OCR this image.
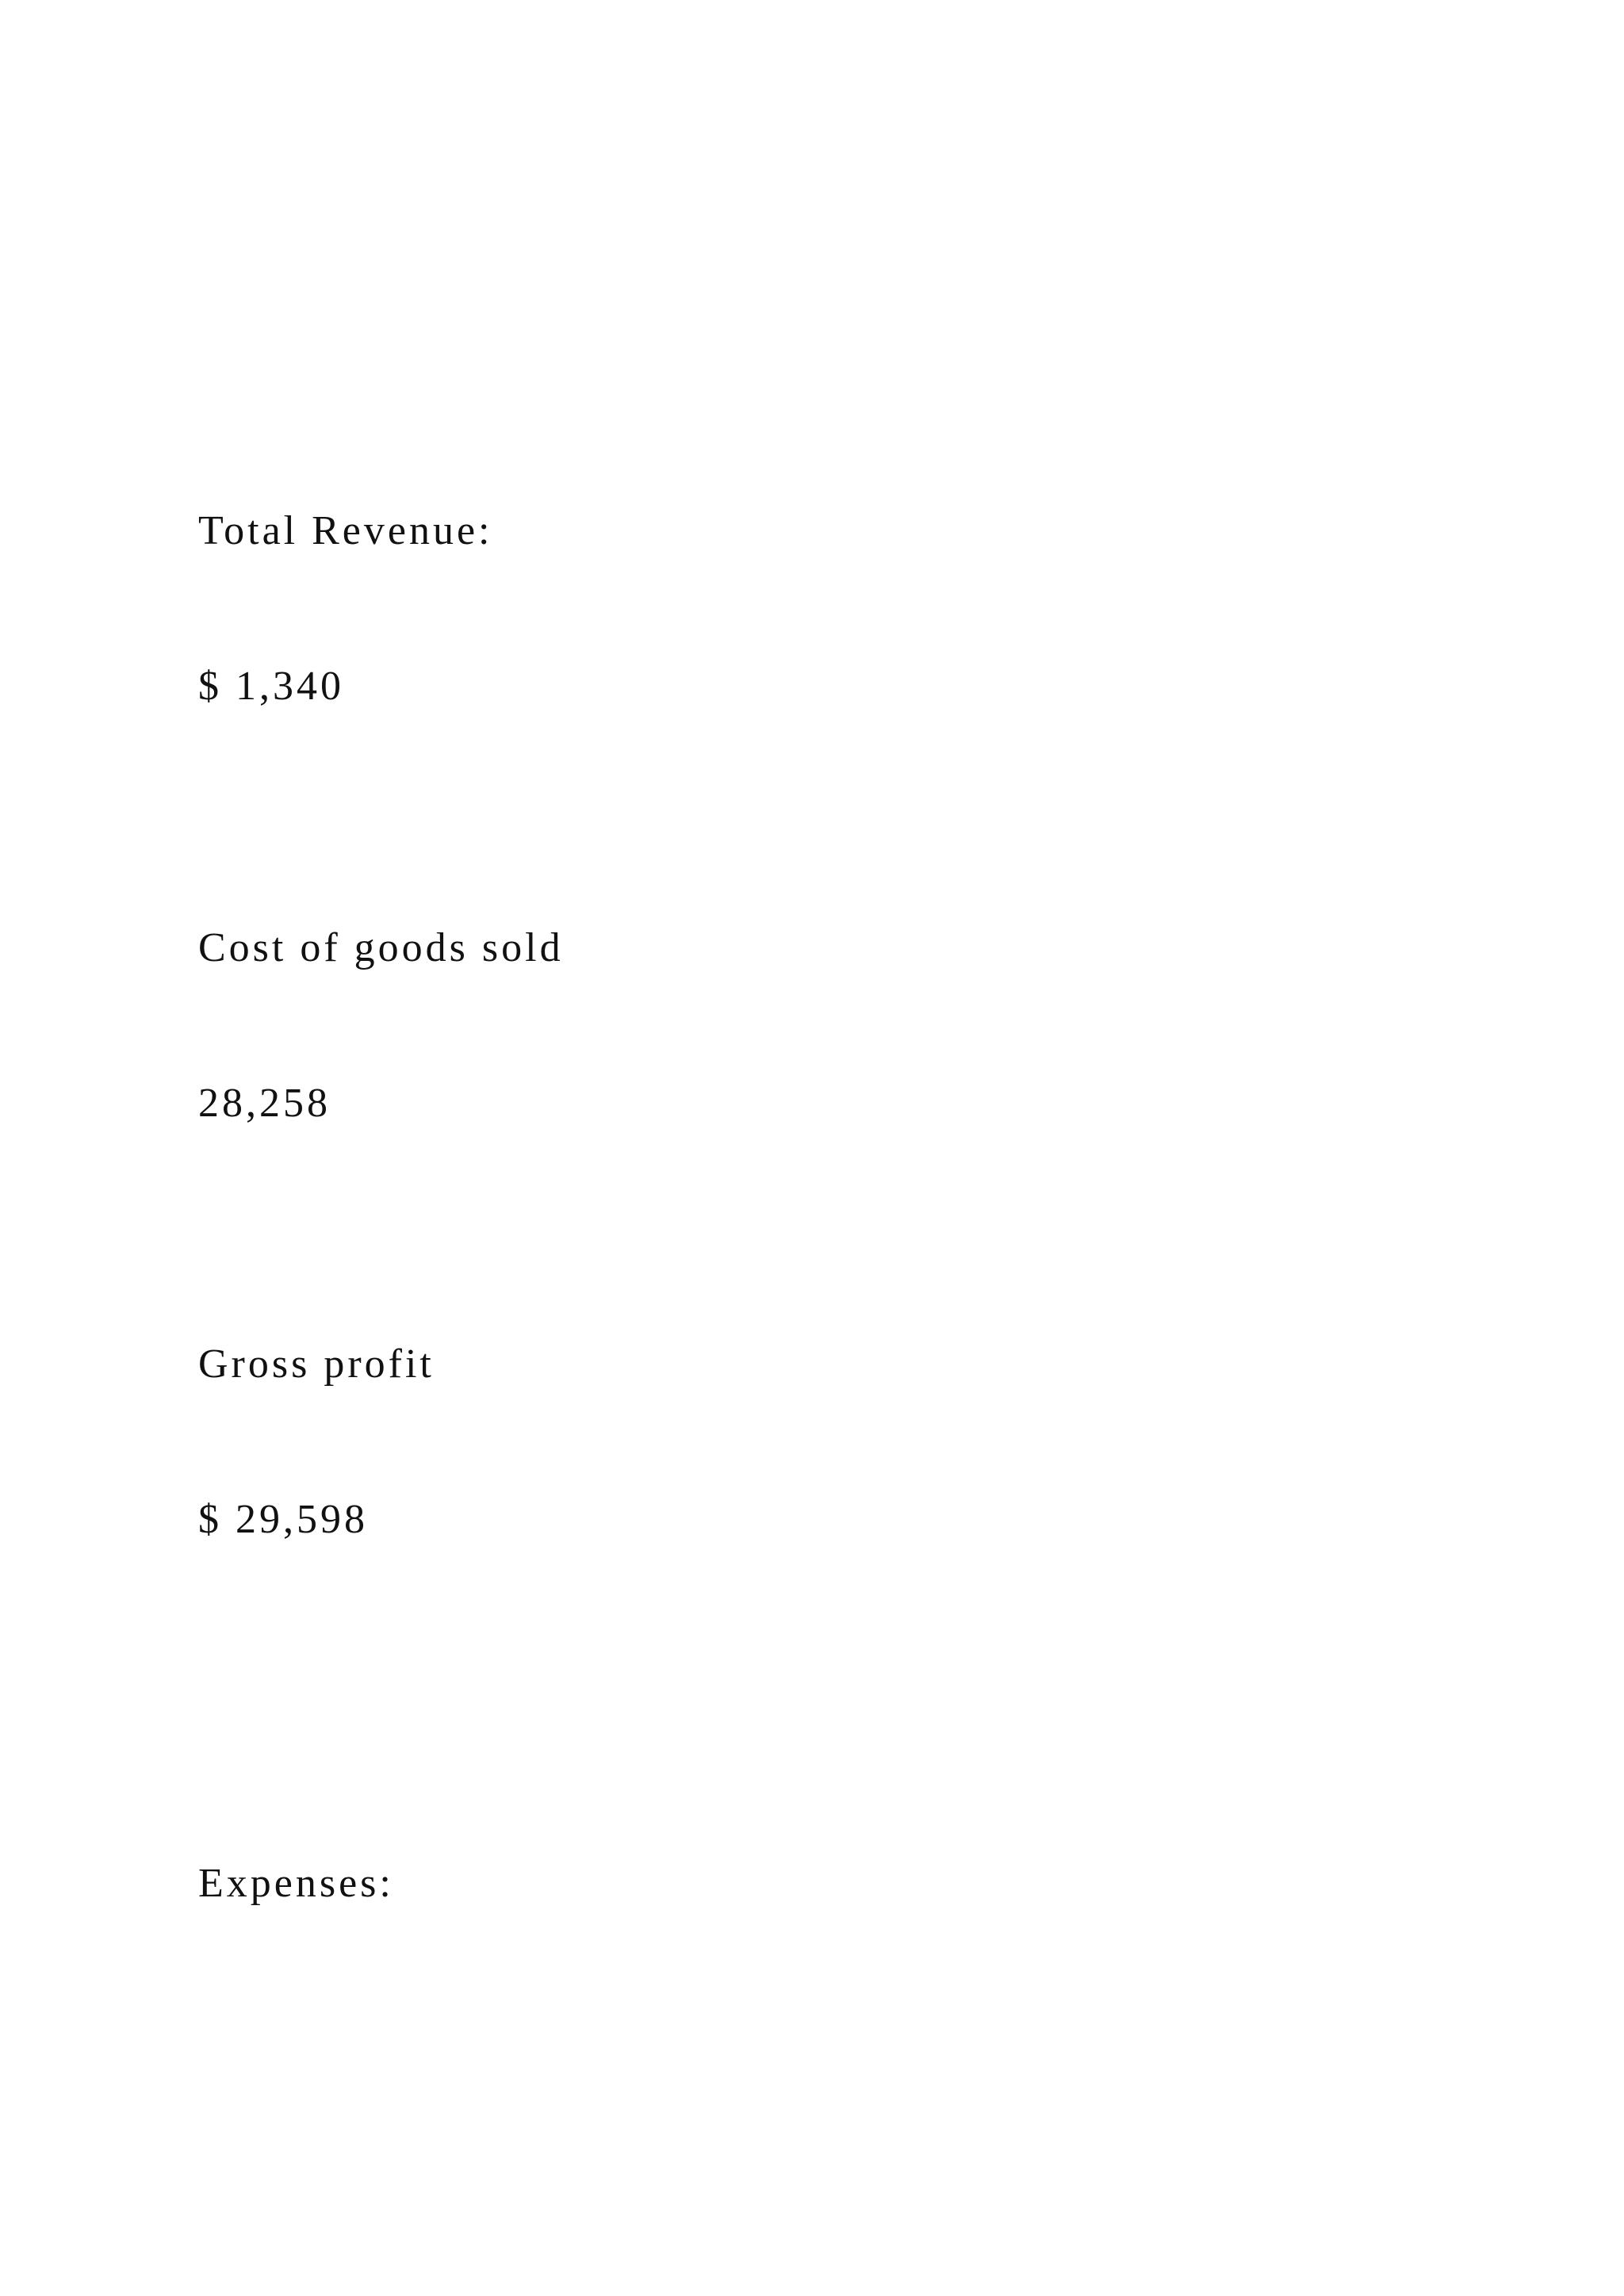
Total Revenue:

$ 1,340

Cost of goods sold

28,258

Gross profit

$ 29,598

Expenses:
